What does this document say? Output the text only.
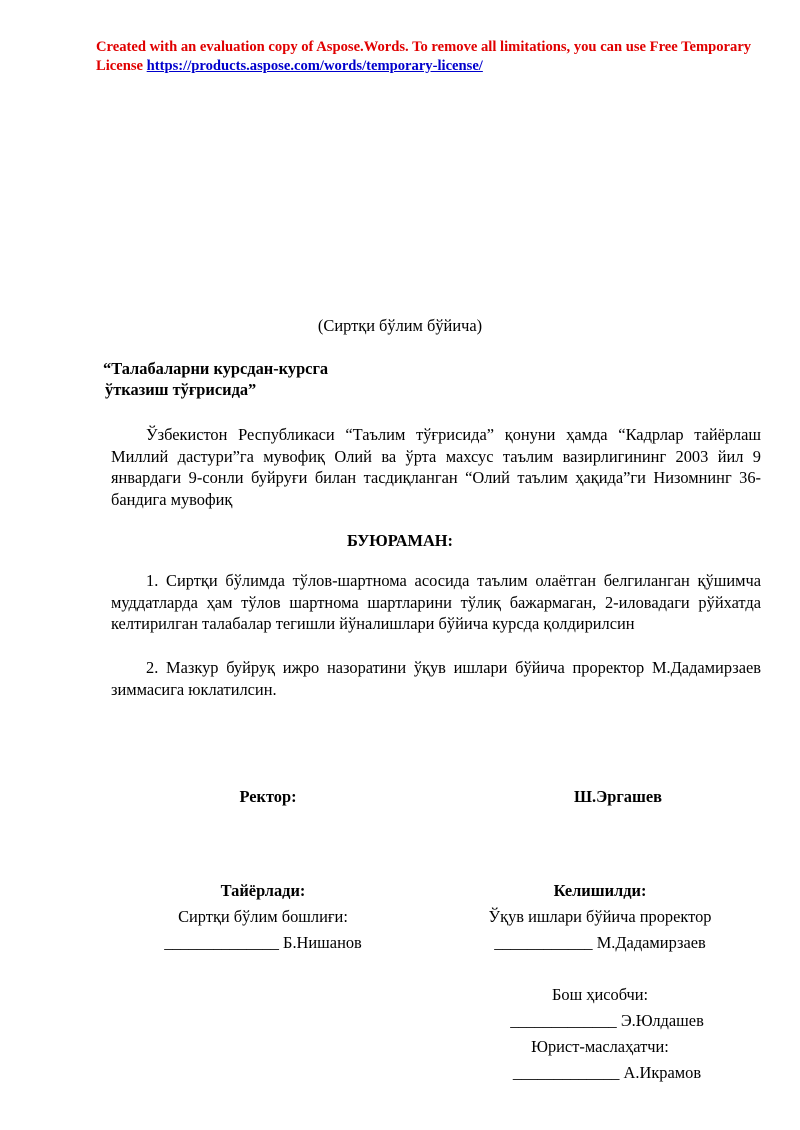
Created with an evaluation copy of Aspose.Words. To remove all limitations, you can use Free Temporary License https://products.aspose.com/words/temporary-license/
(Сиртқи бўлим бўйича)
“Талабаларни курсдан-курсга
ўтказиш тўғрисида”

Ўзбекистон Республикаси “Таълим тўғрисида” қонуни ҳамда “Кадрлар тайёрлаш Миллий дастури”га мувофиқ Олий ва ўрта махсус таълим вазирлигининг 2003 йил 9 январдаги 9-сонли буйруғи билан тасдиқланган “Олий таълим ҳақида”ги Низомнинг 36-бандига мувофиқ

БУЮРАМАН:

1. Сиртқи бўлимда тўлов-шартнома асосида таълим олаётган белгиланган қўшимча муддатларда ҳам тўлов шартнома шартларини тўлиқ бажармаган, 2-иловадаги рўйхатда келтирилган талабалар тегишли йўналишлари бўйича курсда қолдирилсин

2. Мазкур буйруқ ижро назоратини ўқув ишлари бўйича проректор М.Дадамирзаев зиммасига юклатилсин.

Ректор:	Ш.Эргашев
Тайёрлади:
Сиртқи бўлим бошлиғи:
______________ Б.Нишанов
Келишилди:
Ўқув ишлари бўйича проректор
____________ М.Дадамирзаев
Бош ҳисобчи:
_____________ Э.Юлдашев
Юрист-маслаҳатчи:
_____________ А.Икрамов
